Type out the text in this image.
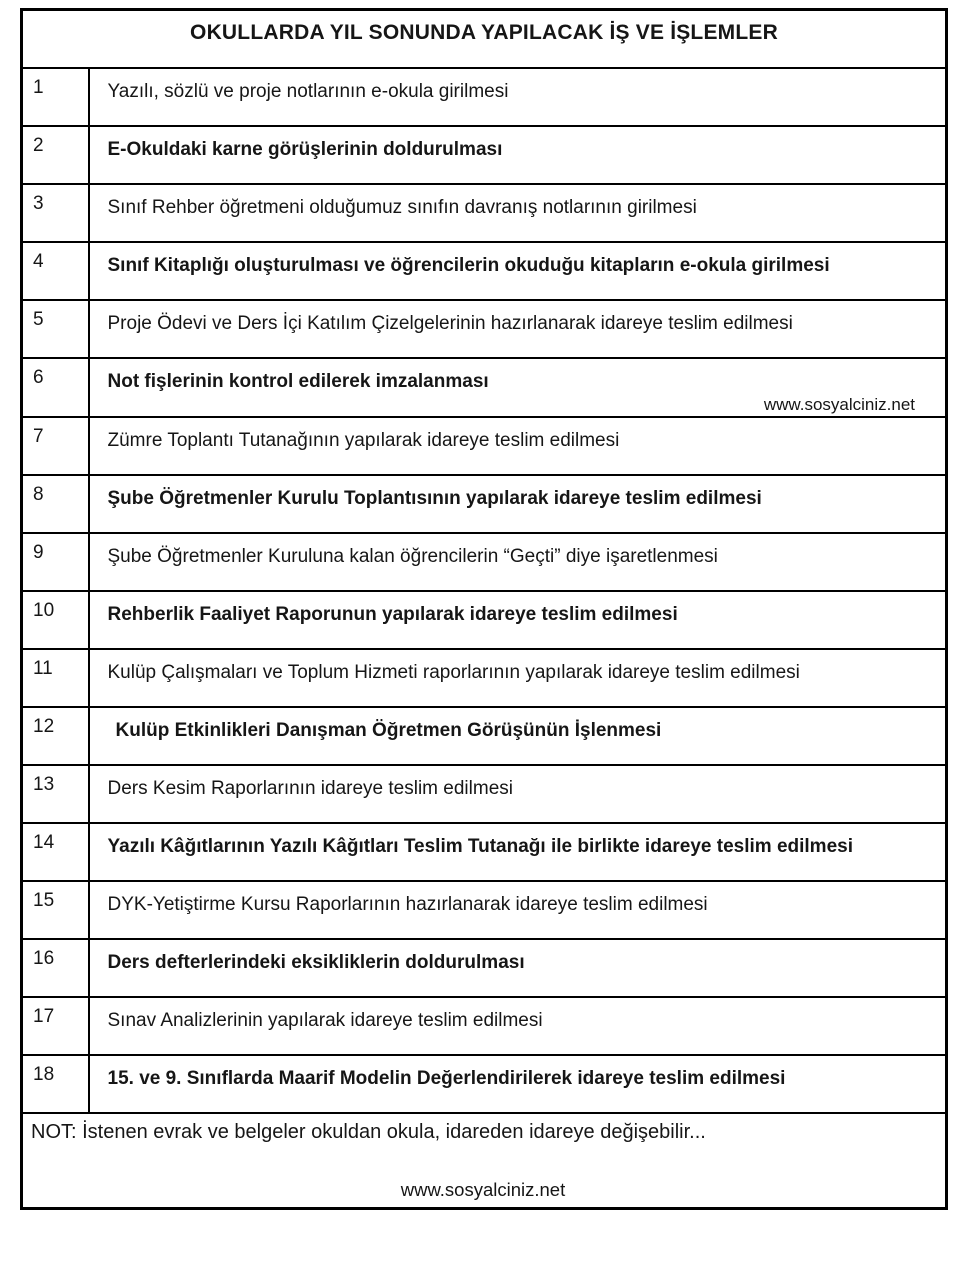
OKULLARDA YIL SONUNDA YAPILACAK İŞ VE İŞLEMLER	
1	Yazılı, sözlü ve proje notlarının e-okula girilmesi
2	E-Okuldaki karne görüşlerinin doldurulması
3	Sınıf Rehber öğretmeni olduğumuz sınıfın davranış notlarının girilmesi
4	Sınıf Kitaplığı oluşturulması ve öğrencilerin okuduğu kitapların e-okula girilmesi
5	Proje Ödevi ve Ders İçi Katılım Çizelgelerinin hazırlanarak idareye teslim edilmesi
6	Not fişlerinin kontrol edilerek imzalanması
www.sosyalciniz.net

7	Zümre Toplantı Tutanağının yapılarak idareye teslim edilmesi
8	Şube Öğretmenler Kurulu Toplantısının yapılarak idareye teslim edilmesi
9	Şube Öğretmenler Kuruluna kalan öğrencilerin “Geçti” diye işaretlenmesi
10	Rehberlik Faaliyet Raporunun yapılarak idareye teslim edilmesi
11	Kulüp Çalışmaları ve Toplum Hizmeti raporlarının yapılarak idareye teslim edilmesi
12	Kulüp Etkinlikleri Danışman Öğretmen Görüşünün İşlenmesi
13	Ders Kesim Raporlarının idareye teslim edilmesi
14	Yazılı Kâğıtlarının Yazılı Kâğıtları Teslim Tutanağı ile birlikte idareye teslim edilmesi
15	DYK-Yetiştirme Kursu Raporlarının hazırlanarak idareye teslim edilmesi
16	Ders defterlerindeki eksikliklerin doldurulması
17	Sınav Analizlerinin yapılarak idareye teslim edilmesi
18	15. ve 9. Sınıflarda Maarif Modelin Değerlendirilerek idareye teslim edilmesi

NOT: İstenen evrak ve belgeler okuldan okula, idareden idareye değişebilir...
www.sosyalciniz.net	
